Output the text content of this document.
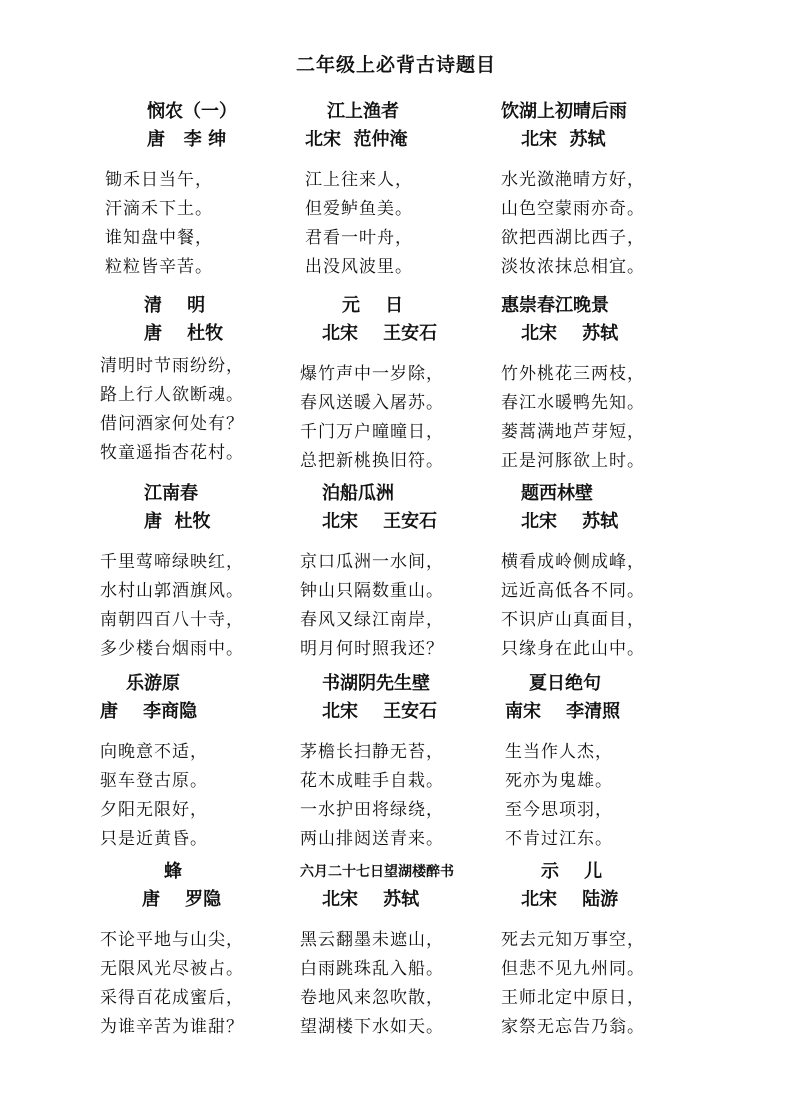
二年级上必背古诗题目
悯农（一）
唐   李 绅
锄禾日当午，
汗滴禾下土。
谁知盘中餐，
粒粒皆辛苦。
江上渔者
北宋  范仲淹
江上往来人，
但爱鲈鱼美。
君看一叶舟，
出没风波里。
饮湖上初晴后雨
北宋  苏轼
水光潋滟晴方好，
山色空蒙雨亦奇。
欲把西湖比西子，
淡妆浓抹总相宜。
清    明
唐    杜牧
清明时节雨纷纷，
路上行人欲断魂。
借问酒家何处有？
牧童遥指杏花村。
元    日
北宋    王安石
爆竹声中一岁除，
春风送暖入屠苏。
千门万户曈曈日，
总把新桃换旧符。
惠崇春江晚景
北宋    苏轼
竹外桃花三两枝，
春江水暖鸭先知。
蒌蒿满地芦芽短，
正是河豚欲上时。
江南春
唐  杜牧
千里莺啼绿映红，
水村山郭酒旗风。
南朝四百八十寺，
多少楼台烟雨中。
泊船瓜洲
北宋    王安石
京口瓜洲一水间，
钟山只隔数重山。
春风又绿江南岸，
明月何时照我还？
题西林壁
北宋    苏轼
横看成岭侧成峰，
远近高低各不同。
不识庐山真面目，
只缘身在此山中。
乐游原
唐    李商隐
向晚意不适，
驱车登古原。
夕阳无限好，
只是近黄昏。
书湖阴先生壁
北宋    王安石
茅檐长扫静无苔，
花木成畦手自栽。
一水护田将绿绕，
两山排闼送青来。
夏日绝句
南宋    李清照
生当作人杰，
死亦为鬼雄。
至今思项羽，
不肯过江东。
蜂
唐    罗隐
不论平地与山尖，
无限风光尽被占。
采得百花成蜜后，
为谁辛苦为谁甜？
六月二十七日望湖楼醉书
北宋    苏轼
黑云翻墨未遮山，
白雨跳珠乱入船。
卷地风来忽吹散，
望湖楼下水如天。
示    儿
北宋    陆游
死去元知万事空，
但悲不见九州同。
王师北定中原日，
家祭无忘告乃翁。
